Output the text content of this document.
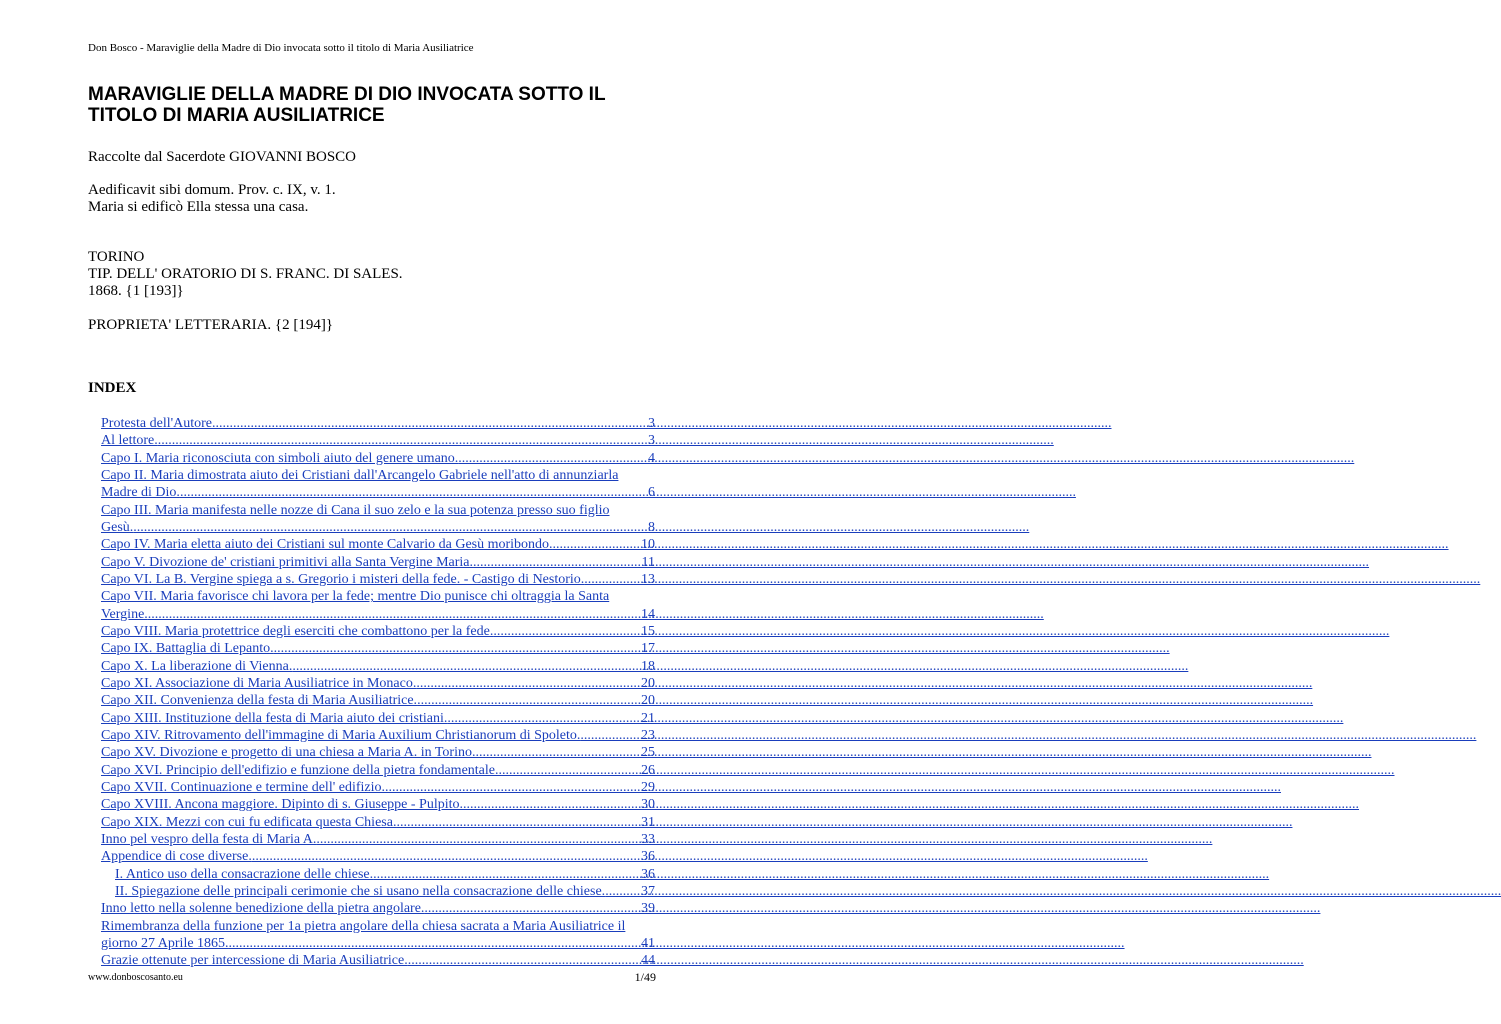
Don Bosco - Maraviglie della Madre di Dio invocata sotto il titolo di Maria Ausiliatrice
MARAVIGLIE DELLA MADRE DI DIO INVOCATA SOTTO IL TITOLO DI MARIA AUSILIATRICE
Raccolte dal Sacerdote GIOVANNI BOSCO
Aedificavit sibi domum. Prov. c. IX, v. 1.
Maria si edificò Ella stessa una casa.
TORINO
TIP. DELL' ORATORIO DI S. FRANC. DI SALES.
1868. {1 [193]}
PROPRIETA' LETTERARIA. {2 [194]}
INDEX
Protesta dell'Autore. .....	3
Al lettore. .....	3
Capo I. Maria riconosciuta con simboli aiuto del genere umano. .....	4
Capo II. Maria dimostrata aiuto dei Cristiani dall'Arcangelo Gabriele nell'atto di annunziarla
Madre di Dio. .....	6
Capo III. Maria manifesta nelle nozze di Cana il suo zelo e la sua potenza presso suo figlio
Gesù. .....	8
Capo IV. Maria eletta aiuto dei Cristiani sul monte Calvario da Gesù moribondo. .....	10
Capo V. Divozione de' cristiani primitivi alla Santa Vergine Maria. .....	11
Capo VI. La B. Vergine spiega a s. Gregorio i misteri della fede. - Castigo di Nestorio. .....	13
Capo VII. Maria favorisce chi lavora per la fede; mentre Dio punisce chi oltraggia la Santa
Vergine. .....	14
Capo VIII. Maria protettrice degli eserciti che combattono per la fede. .....	15
Capo IX. Battaglia di Lepanto. .....	17
Capo X. La liberazione di Vienna. .....	18
Capo XI. Associazione di Maria Ausiliatrice in Monaco. .....	20
Capo XII. Convenienza della festa di Maria Ausiliatrice. .....	20
Capo XIII. Instituzione della festa di Maria aiuto dei cristiani. .....	21
Capo XIV. Ritrovamento dell'immagine di Maria Auxilium Christianorum di Spoleto. .....	23
Capo XV. Divozione e progetto di una chiesa a Maria A. in Torino. .....	25
Capo XVI. Principio dell'edifizio e funzione della pietra fondamentale. .....	26
Capo XVII. Continuazione e termine dell' edifizio. .....	29
Capo XVIII. Ancona maggiore. Dipinto di s. Giuseppe - Pulpito. .....	30
Capo XIX. Mezzi con cui fu edificata questa Chiesa. .....	31
Inno pel vespro della festa di Maria A. .....	33
Appendice di cose diverse. .....	36
I. Antico uso della consacrazione delle chiese. .....	36
II. Spiegazione delle principali cerimonie che si usano nella consacrazione delle chiese. .....	37
Inno letto nella solenne benedizione della pietra angolare. .....	39
Rimembranza della funzione per 1a pietra angolare della chiesa sacrata a Maria Ausiliatrice il
giorno 27 Aprile 1865. .....	41
Grazie ottenute per intercessione di Maria Ausiliatrice. .....	44
www.donboscosanto.eu	1/49
